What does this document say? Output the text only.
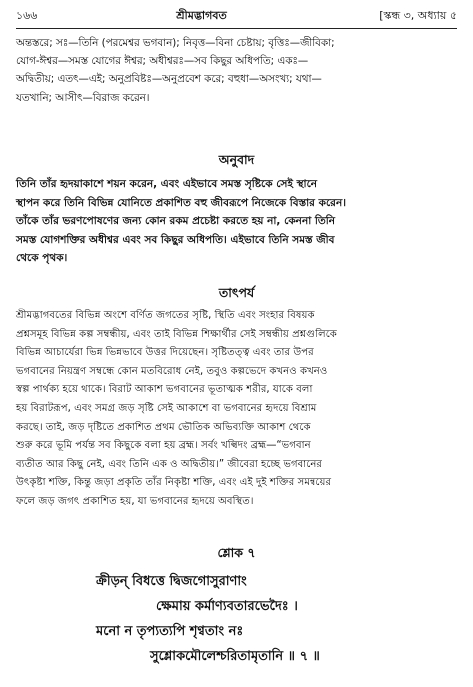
১৬৬	শ্রীমদ্ভাগবত	[স্কন্ধ ৩, অধ্যায় ৫
অন্তস্তরে; সঃ—তিনি (পরমেশ্বর ভগবান); নিবৃত্ত—বিনা চেষ্টায়; বৃত্তিঃ—জীবিকা;
যোগ-ঈশ্বর—সমস্ত যোগের ঈশ্বর; অধীশ্বরঃ—সব কিছুর অধিপতি; একঃ—
অদ্বিতীয়; এতৎ—এই; অনুপ্রবিষ্টঃ—অনুপ্রবেশ করে; বহুধা—অসংখ্য; যথা—
যতখানি; আসীৎ—বিরাজ করেন।
অনুবাদ
তিনি তাঁর হৃদয়াকাশে শয়ন করেন, এবং এইভাবে সমস্ত সৃষ্টিকে সেই স্থানে
স্থাপন করে তিনি বিভিন্ন যোনিতে প্রকাশিত বহু জীবরূপে নিজেকে বিস্তার করেন।
তাঁকে তাঁর ভরণপোষণের জন্য কোন রকম প্রচেষ্টা করতে হয় না, কেননা তিনি
সমস্ত যোগশক্তির অধীশ্বর এবং সব কিছুর অধিপতি। এইভাবে তিনি সমস্ত জীব
থেকে পৃথক।
তাৎপর্য
শ্রীমদ্ভাগবতের বিভিন্ন অংশে বর্ণিত জগতের সৃষ্টি, স্থিতি এবং সংহার বিষয়ক
প্রশ্নসমূহ বিভিন্ন কল্প সম্বন্ধীয়, এবং তাই বিভিন্ন শিক্ষার্থীর সেই সম্বন্ধীয় প্রশ্নগুলিকে
বিভিন্ন আচার্যেরা ভিন্ন ভিন্নভাবে উত্তর দিয়েছেন। সৃষ্টিতত্ত্ব এবং তার উপর
ভগবানের নিয়ন্ত্রণ সম্বন্ধে কোন মতবিরোধ নেই, তবুও কল্পভেদে কখনও কখনও
স্বল্প পার্থক্য হয়ে থাকে। বিরাট আকাশ ভগবানের ভূতাত্মক শরীর, যাকে বলা
হয় বিরাটরূপ, এবং সমগ্র জড় সৃষ্টি সেই আকাশে বা ভগবানের হৃদয়ে বিশ্রাম
করছে। তাই, জড় দৃষ্টিতে প্রকাশিত প্রথম ভৌতিক অভিব্যক্তি আকাশ থেকে
শুরু করে ভূমি পর্যন্ত সব কিছুকে বলা হয় ব্রহ্ম। সর্বং খল্বিদং ব্রহ্ম—“ভগবান
ব্যতীত আর কিছু নেই, এবং তিনি এক ও অদ্বিতীয়।” জীবেরা হচ্ছে ভগবানের
উৎকৃষ্টা শক্তি, কিন্তু জড়া প্রকৃতি তাঁর নিকৃষ্টা শক্তি, এবং এই দুই শক্তির সমন্বয়ের
ফলে জড় জগৎ প্রকাশিত হয়, যা ভগবানের হৃদয়ে অবস্থিত।
শ্লোক ৭
ক্রীড়ন্ বিধত্তে দ্বিজগোসুরাণাং
ক্ষেমায় কর্মাণ্যবতারভেদৈঃ ।
মনো ন তৃপ্যত্যপি শৃণ্বতাং নঃ
সুশ্লোকমৌলেশ্চরিতামৃতানি ॥ ৭ ॥
